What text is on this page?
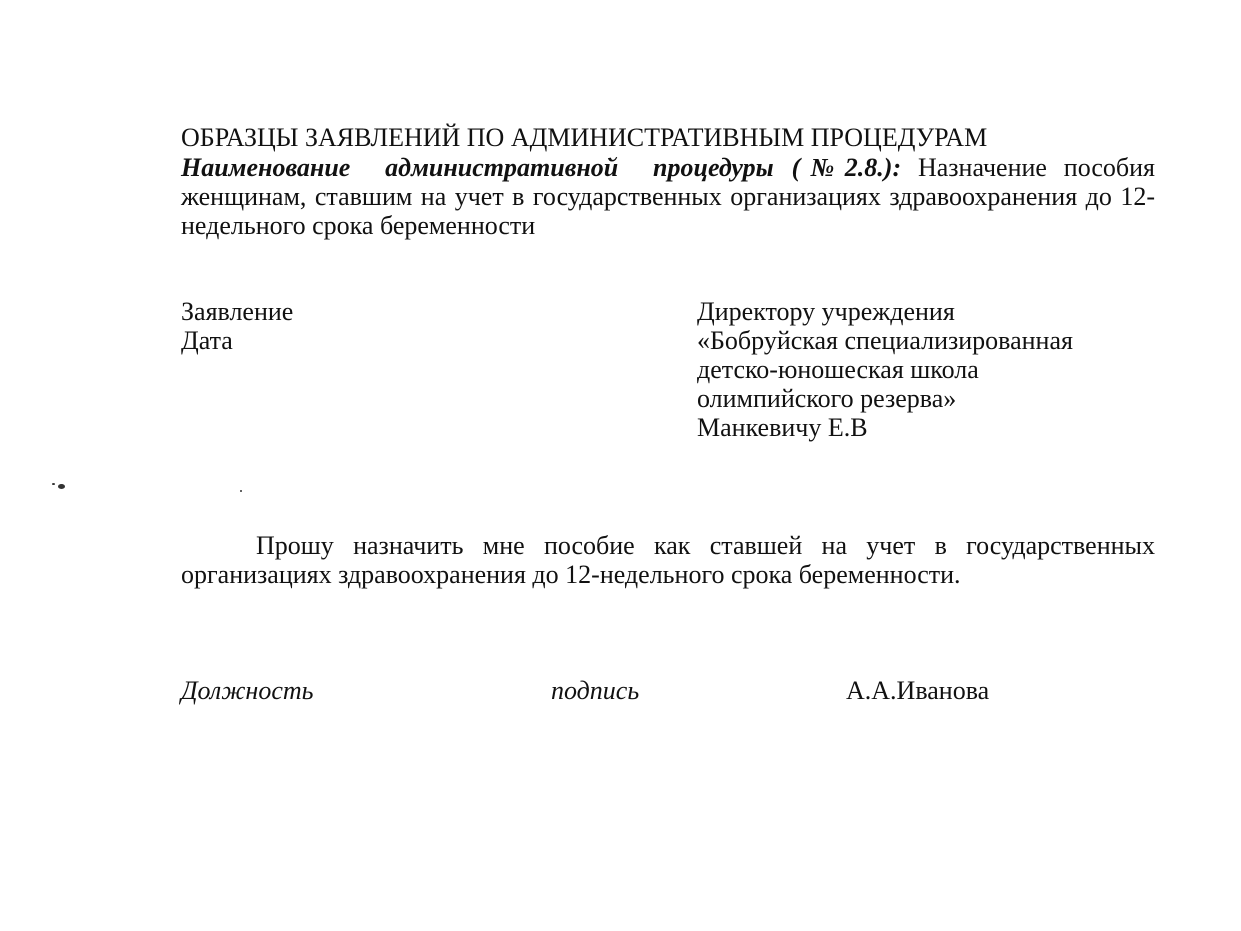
ОБРАЗЦЫ ЗАЯВЛЕНИЙ ПО АДМИНИСТРАТИВНЫМ ПРОЦЕДУРАМ

Наименование административной процедуры (№2.8.): Назначение пособия женщинам, ставшим на учет в государственных организациях здравоохранения до 12-недельного срока беременности

Заявление
Дата
Директору учреждения
«Бобруйская специализированная
детско-юношеская школа
олимпийского резерва»
Манкевичу Е.В

Прошу назначить мне пособие как ставшей на учет в государственных организациях здравоохранения до 12-недельного срока беременности.

Должность	подпись	А.А.Иванова
